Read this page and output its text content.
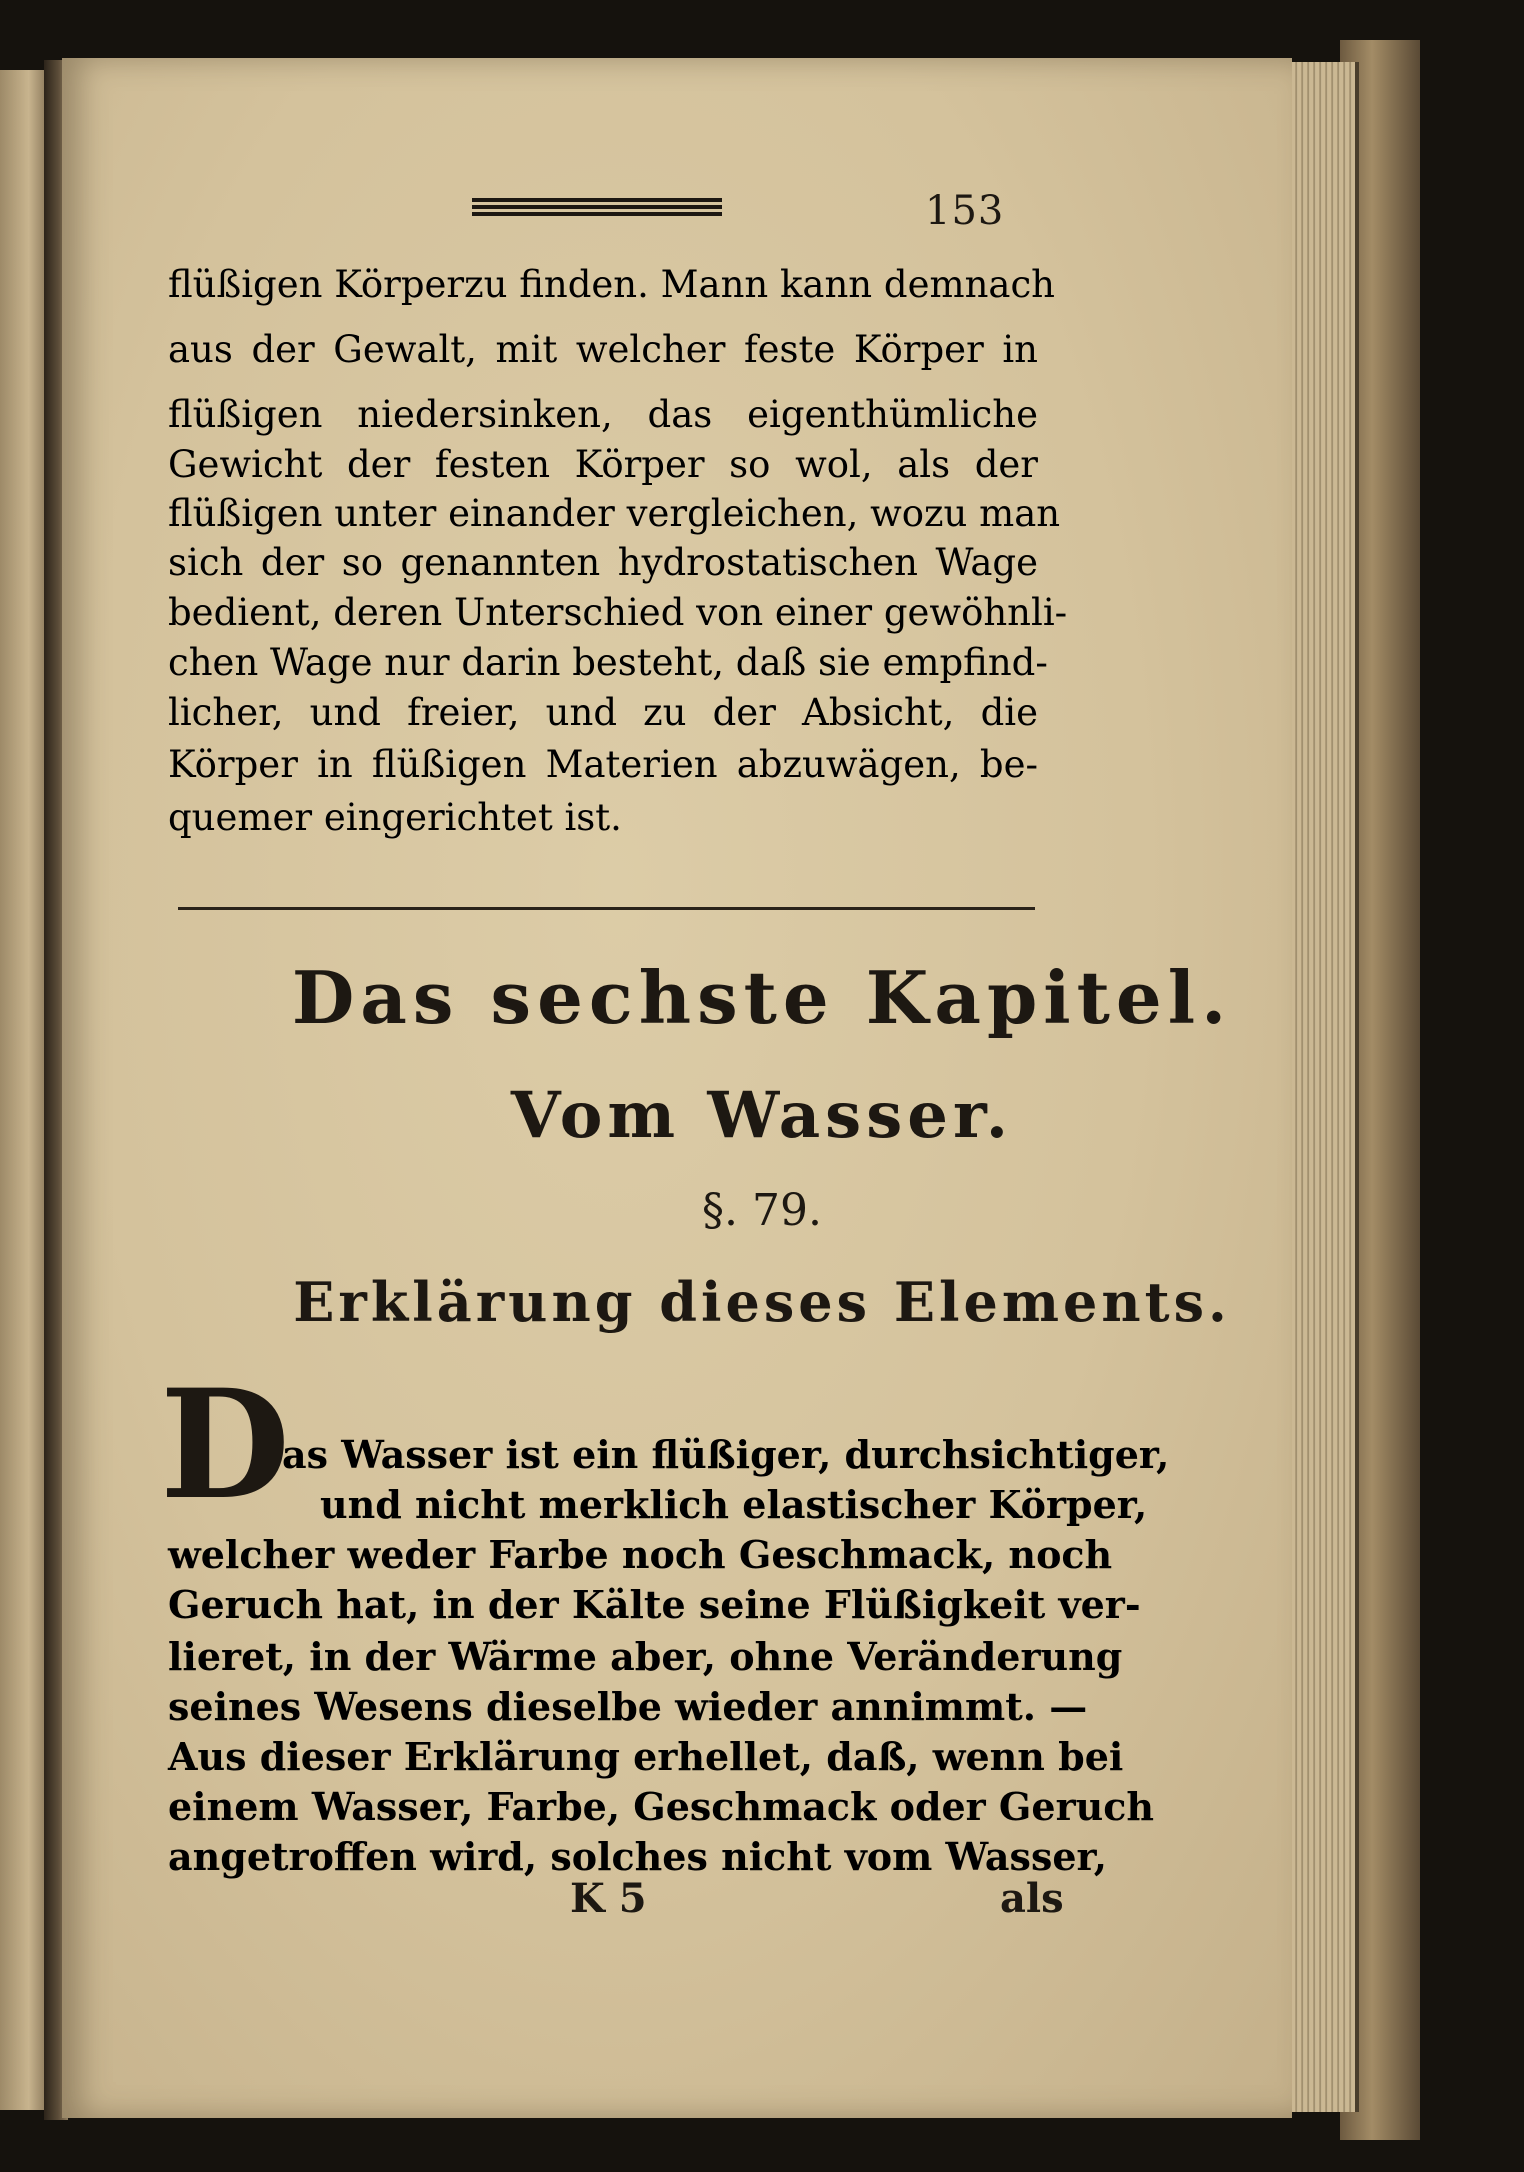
153
flüßigen Körperzu finden. Mann kann demnach
aus der Gewalt, mit welcher feste Körper in
flüßigen niedersinken, das eigenthümliche
Gewicht der festen Körper so wol, als der
flüßigen unter einander vergleichen, wozu man
sich der so genannten hydrostatischen Wage
bedient, deren Unterschied von einer gewöhnli-
chen Wage nur darin besteht, daß sie empfind-
licher, und freier, und zu der Absicht, die
Körper in flüßigen Materien abzuwägen, be-
quemer eingerichtet ist.
Das sechste Kapitel.
Vom Wasser.
§. 79.
Erklärung dieses Elements.
D
as Wasser ist ein flüßiger, durchsichtiger,
und nicht merklich elastischer Körper,
welcher weder Farbe noch Geschmack, noch
Geruch hat, in der Kälte seine Flüßigkeit ver-
lieret, in der Wärme aber, ohne Veränderung
seines Wesens dieselbe wieder annimmt. —
Aus dieser Erklärung erhellet, daß, wenn bei
einem Wasser, Farbe, Geschmack oder Geruch
angetroffen wird, solches nicht vom Wasser,
K 5	als
